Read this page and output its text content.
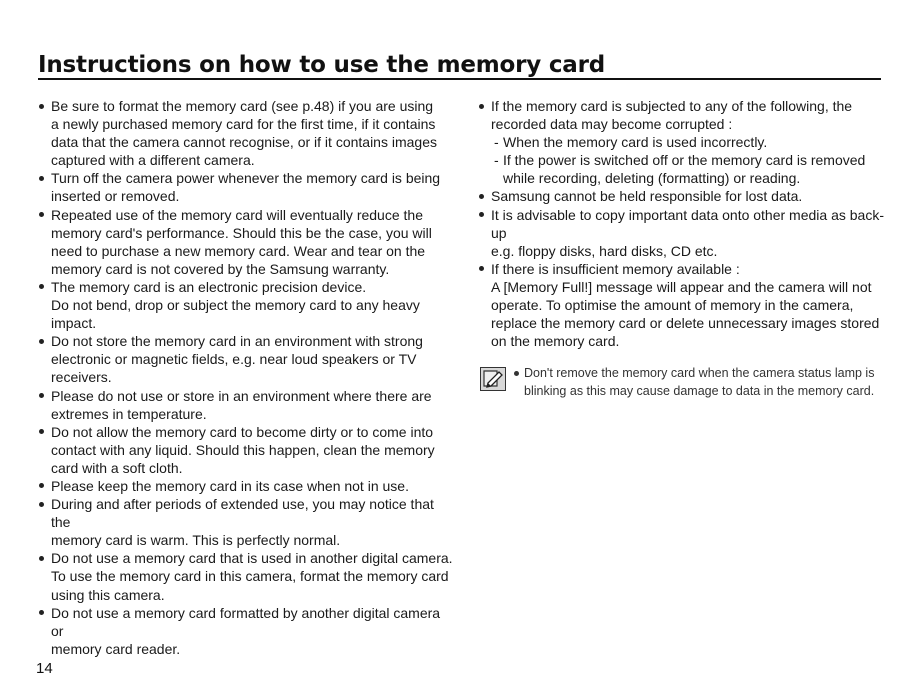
Instructions on how to use the memory card
Be sure to format the memory card (see p.48) if you are using
a newly purchased memory card for the first time, if it contains
data that the camera cannot recognise, or if it contains images
captured with a different camera.
Turn off the camera power whenever the memory card is being
inserted or removed.
Repeated use of the memory card will eventually reduce the
memory card's performance. Should this be the case, you will
need to purchase a new memory card. Wear and tear on the
memory card is not covered by the Samsung warranty.
The memory card is an electronic precision device.
Do not bend, drop or subject the memory card to any heavy
impact.
Do not store the memory card in an environment with strong
electronic or magnetic fields, e.g. near loud speakers or TV
receivers.
Please do not use or store in an environment where there are
extremes in temperature.
Do not allow the memory card to become dirty or to come into
contact with any liquid. Should this happen, clean the memory
card with a soft cloth.
Please keep the memory card in its case when not in use.
During and after periods of extended use, you may notice that the
memory card is warm. This is perfectly normal.
Do not use a memory card that is used in another digital camera.
To use the memory card in this camera, format the memory card
using this camera.
Do not use a memory card formatted by another digital camera or
memory card reader.
If the memory card is subjected to any of the following, the
recorded data may become corrupted :
- When the memory card is used incorrectly.
- If the power is switched off or the memory card is removed
while recording, deleting (formatting) or reading.
Samsung cannot be held responsible for lost data.
It is advisable to copy important data onto other media as back-up
e.g. floppy disks, hard disks, CD etc.
If there is insufficient memory available :
A [Memory Full!] message will appear and the camera will not
operate. To optimise the amount of memory in the camera,
replace the memory card or delete unnecessary images stored
on the memory card.
Don't remove the memory card when the camera status lamp is
blinking as this may cause damage to data in the memory card.
14
